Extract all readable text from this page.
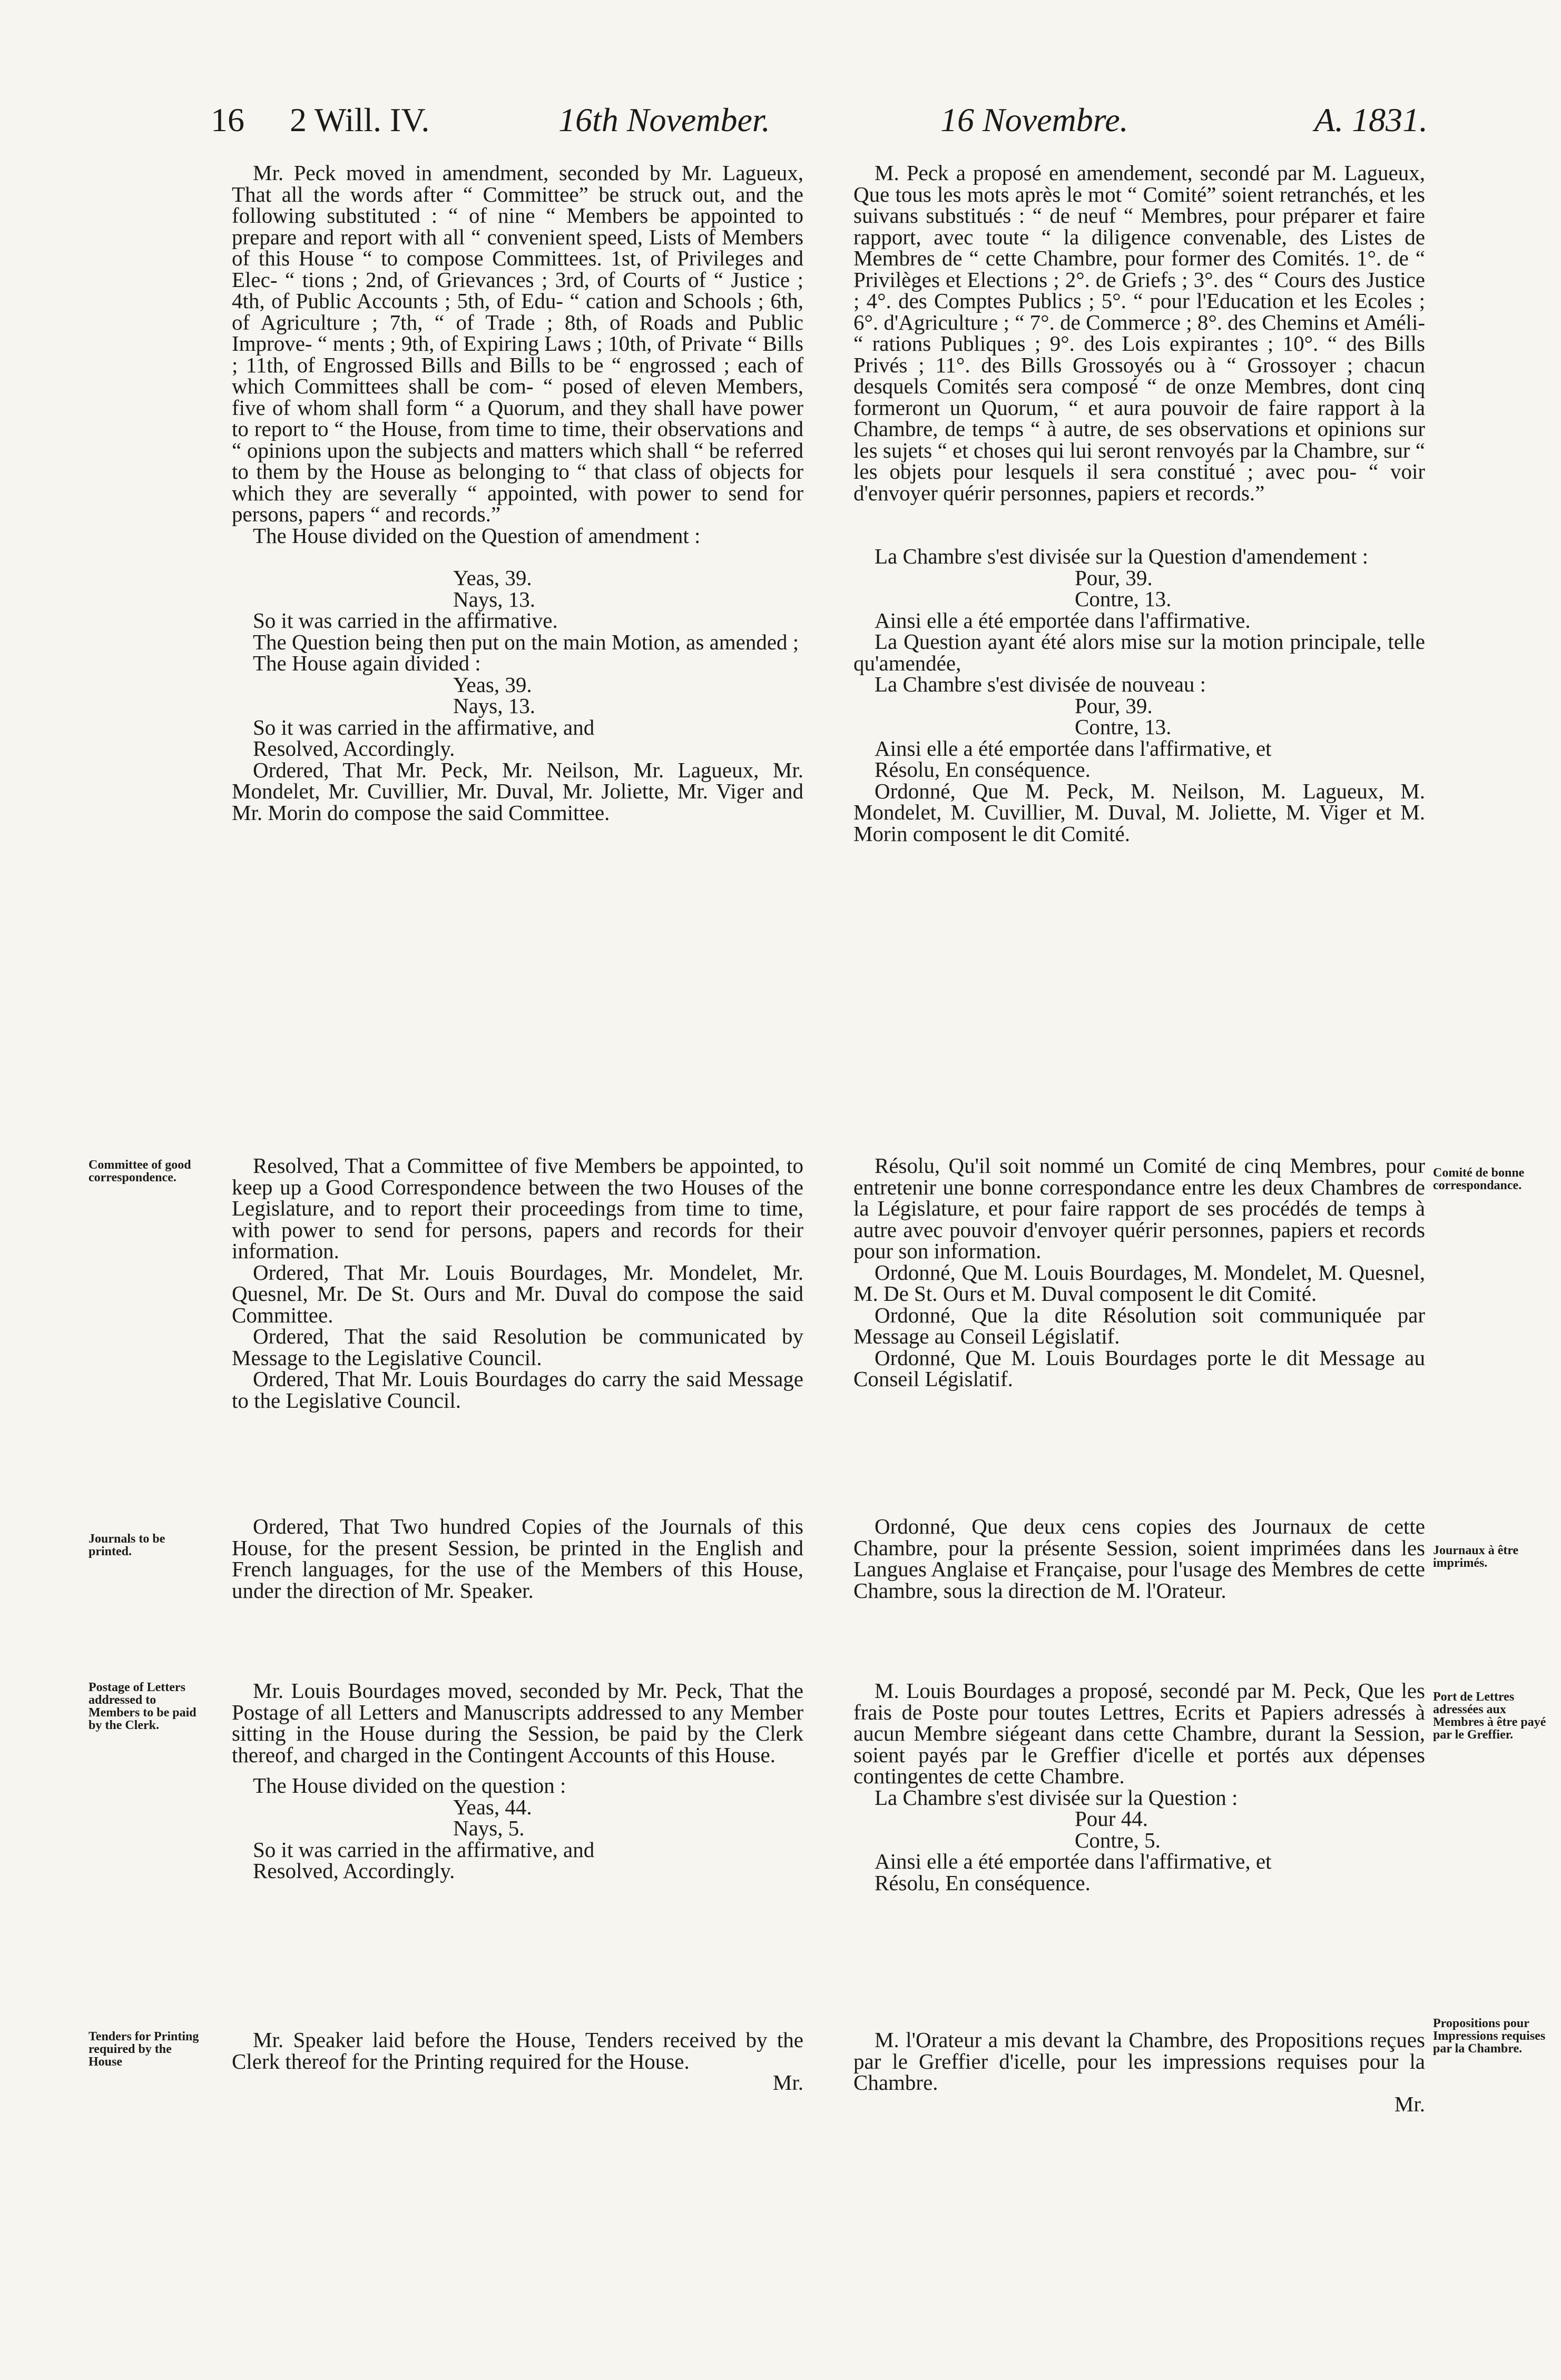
16 2 Will. IV.	16th November.	16 Novembre.	A. 1831.

Mr. Peck moved in amendment, seconded by Mr. Lagueux, That all the words after “ Committee” be struck out, and the following substituted : “ of nine “ Members be appointed to prepare and report with all “ convenient speed, Lists of Members of this House “ to compose Committees. 1st, of Privileges and Elec- “ tions ; 2nd, of Grievances ; 3rd, of Courts of “ Justice ; 4th, of Public Accounts ; 5th, of Edu- “ cation and Schools ; 6th, of Agriculture ; 7th, “ of Trade ; 8th, of Roads and Public Improve- “ ments ; 9th, of Expiring Laws ; 10th, of Private “ Bills ; 11th, of Engrossed Bills and Bills to be “ engrossed ; each of which Committees shall be com- “ posed of eleven Members, five of whom shall form “ a Quorum, and they shall have power to report to “ the House, from time to time, their observations and “ opinions upon the subjects and matters which shall “ be referred to them by the House as belonging to “ that class of objects for which they are severally “ appointed, with power to send for persons, papers “ and records.”

The House divided on the Question of amendment :

Yeas, 39.

Nays, 13.

So it was carried in the affirmative.

The Question being then put on the main Motion, as amended ;

The House again divided :

Yeas, 39.

Nays, 13.

So it was carried in the affirmative, and

Resolved, Accordingly.

Ordered, That Mr. Peck, Mr. Neilson, Mr. Lagueux, Mr. Mondelet, Mr. Cuvillier, Mr. Duval, Mr. Joliette, Mr. Viger and Mr. Morin do compose the said Committee.

Resolved, That a Committee of five Members be appointed, to keep up a Good Correspondence between the two Houses of the Legislature, and to report their proceedings from time to time, with power to send for persons, papers and records for their information.

Ordered, That Mr. Louis Bourdages, Mr. Mondelet, Mr. Quesnel, Mr. De St. Ours and Mr. Duval do compose the said Committee.

Ordered, That the said Resolution be communicated by Message to the Legislative Council.

Ordered, That Mr. Louis Bourdages do carry the said Message to the Legislative Council.

Ordered, That Two hundred Copies of the Journals of this House, for the present Session, be printed in the English and French languages, for the use of the Members of this House, under the direction of Mr. Speaker.

Mr. Louis Bourdages moved, seconded by Mr. Peck, That the Postage of all Letters and Manuscripts addressed to any Member sitting in the House during the Session, be paid by the Clerk thereof, and charged in the Contingent Accounts of this House.

The House divided on the question :

Yeas, 44.

Nays, 5.

So it was carried in the affirmative, and

Resolved, Accordingly.

Mr. Speaker laid before the House, Tenders received by the Clerk thereof for the Printing required for the House.

Mr.

M. Peck a proposé en amendement, secondé par M. Lagueux, Que tous les mots après le mot “ Comité” soient retranchés, et les suivans substitués : “ de neuf “ Membres, pour préparer et faire rapport, avec toute “ la diligence convenable, des Listes de Membres de “ cette Chambre, pour former des Comités. 1°. de “ Privilèges et Elections ; 2°. de Griefs ; 3°. des “ Cours des Justice ; 4°. des Comptes Publics ; 5°. “ pour l'Education et les Ecoles ; 6°. d'Agriculture ; “ 7°. de Commerce ; 8°. des Chemins et Améli- “ rations Publiques ; 9°. des Lois expirantes ; 10°. “ des Bills Privés ; 11°. des Bills Grossoyés ou à “ Grossoyer ; chacun desquels Comités sera composé “ de onze Membres, dont cinq formeront un Quorum, “ et aura pouvoir de faire rapport à la Chambre, de temps “ à autre, de ses observations et opinions sur les sujets “ et choses qui lui seront renvoyés par la Chambre, sur “ les objets pour lesquels il sera constitué ; avec pou- “ voir d'envoyer quérir personnes, papiers et records.”

La Chambre s'est divisée sur la Question d'amendement :

Pour, 39.

Contre, 13.

Ainsi elle a été emportée dans l'affirmative.

La Question ayant été alors mise sur la motion principale, telle qu'amendée,

La Chambre s'est divisée de nouveau :

Pour, 39.

Contre, 13.

Ainsi elle a été emportée dans l'affirmative, et

Résolu, En conséquence.

Ordonné, Que M. Peck, M. Neilson, M. Lagueux, M. Mondelet, M. Cuvillier, M. Duval, M. Joliette, M. Viger et M. Morin composent le dit Comité.

Résolu, Qu'il soit nommé un Comité de cinq Membres, pour entretenir une bonne correspondance entre les deux Chambres de la Législature, et pour faire rapport de ses procédés de temps à autre avec pouvoir d'envoyer quérir personnes, papiers et records pour son information.

Ordonné, Que M. Louis Bourdages, M. Mondelet, M. Quesnel, M. De St. Ours et M. Duval composent le dit Comité.

Ordonné, Que la dite Résolution soit communiquée par Message au Conseil Législatif.

Ordonné, Que M. Louis Bourdages porte le dit Message au Conseil Législatif.

Ordonné, Que deux cens copies des Journaux de cette Chambre, pour la présente Session, soient imprimées dans les Langues Anglaise et Française, pour l'usage des Membres de cette Chambre, sous la direction de M. l'Orateur.

M. Louis Bourdages a proposé, secondé par M. Peck, Que les frais de Poste pour toutes Lettres, Ecrits et Papiers adressés à aucun Membre siégeant dans cette Chambre, durant la Session, soient payés par le Greffier d'icelle et portés aux dépenses contingentes de cette Chambre.

La Chambre s'est divisée sur la Question :

Pour 44.

Contre, 5.

Ainsi elle a été emportée dans l'affirmative, et

Résolu, En conséquence.

M. l'Orateur a mis devant la Chambre, des Propositions reçues par le Greffier d'icelle, pour les impressions requises pour la Chambre.

Mr.

Committee of good correspondence.
Journals to be printed.
Postage of Letters addressed to Members to be paid by the Clerk.
Tenders for Printing required by the House
Comité de bonne correspondance.
Journaux à être imprimés.
Port de Lettres adressées aux Membres à être payé par le Greffier.
Propositions pour Impressions requises par la Chambre.
